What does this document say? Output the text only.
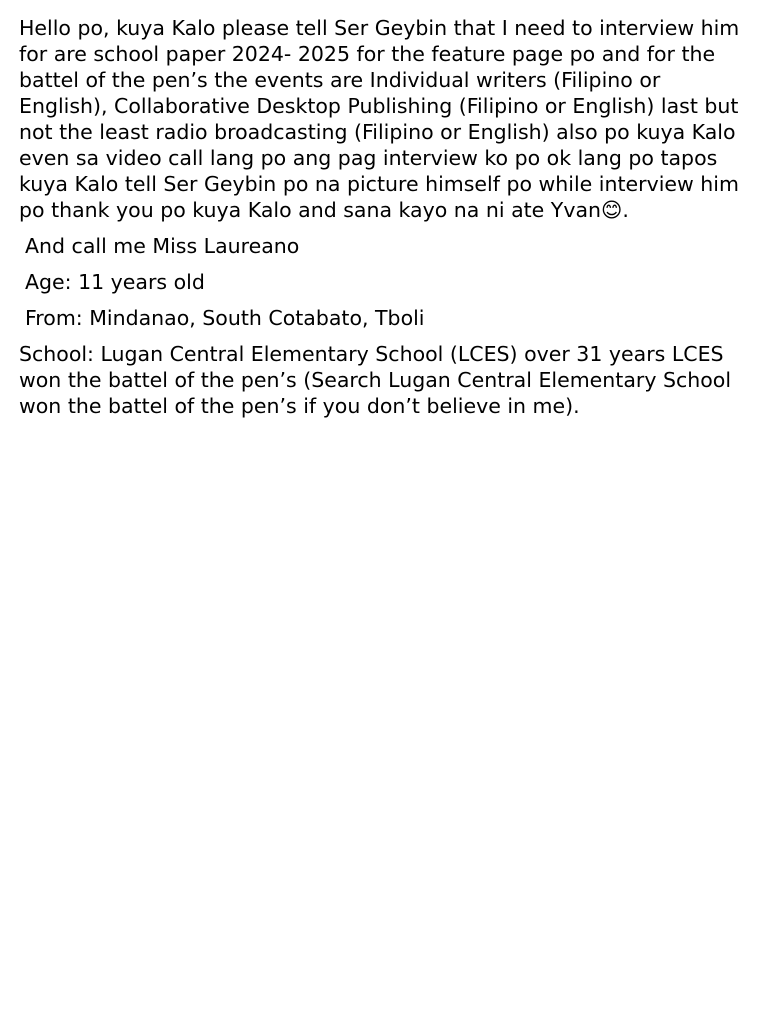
Hello po, kuya Kalo please tell Ser Geybin that I need to interview him for are school paper 2024- 2025 for the feature page po and for the battel of the pen’s the events are Individual writers (Filipino or English), Collaborative Desktop Publishing (Filipino or English) last but not the least radio broadcasting (Filipino or English) also po kuya Kalo even sa video call lang po ang pag interview ko po ok lang po tapos kuya Kalo tell Ser Geybin po na picture himself po while interview him po thank you po kuya Kalo and sana kayo na ni ate Yvan😊.

And call me Miss Laureano

Age: 11 years old

From: Mindanao, South Cotabato, Tboli

School: Lugan Central Elementary School (LCES) over 31 years LCES won the battel of the pen’s (Search Lugan Central Elementary School won the battel of the pen’s if you don’t believe in me).
